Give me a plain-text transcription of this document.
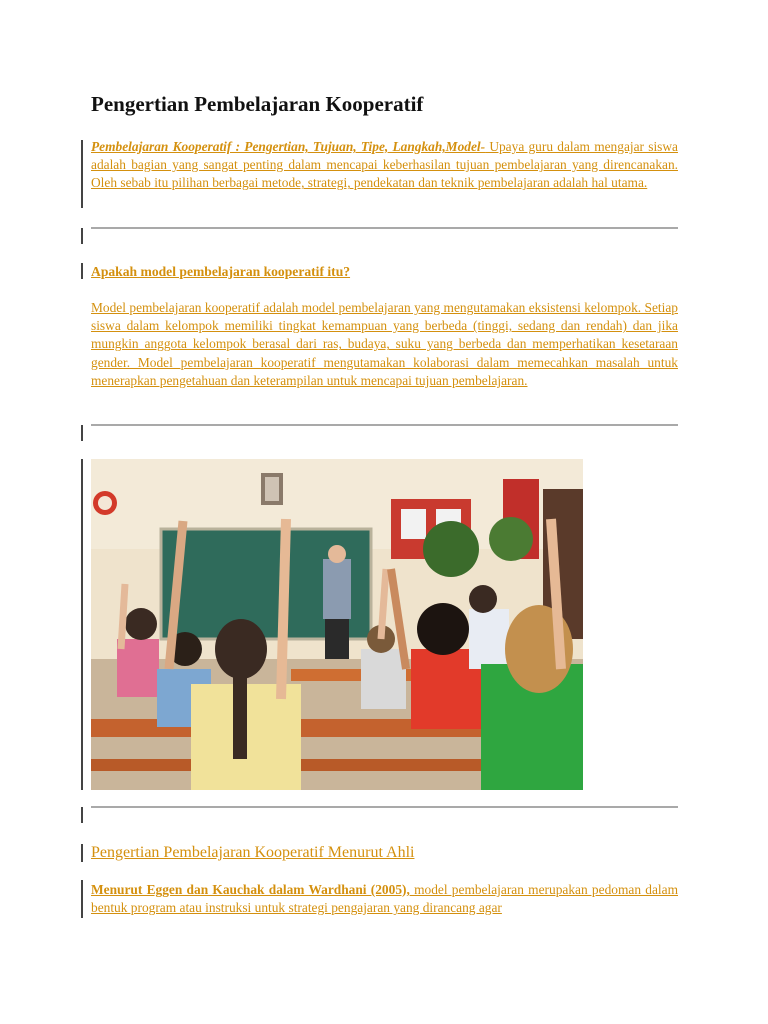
Pengertian Pembelajaran Kooperatif
Pembelajaran Kooperatif : Pengertian, Tujuan, Tipe, Langkah,Model- Upaya guru dalam mengajar siswa adalah bagian yang sangat penting dalam mencapai keberhasilan tujuan pembelajaran yang direncanakan. Oleh sebab itu pilihan berbagai metode, strategi, pendekatan dan teknik pembelajaran adalah hal utama.
Apakah model pembelajaran kooperatif itu?
Model pembelajaran kooperatif adalah model pembelajaran yang mengutamakan eksistensi kelompok. Setiap siswa dalam kelompok memiliki tingkat kemampuan yang berbeda (tinggi, sedang dan rendah) dan jika mungkin anggota kelompok berasal dari ras, budaya, suku yang berbeda dan memperhatikan kesetaraan gender. Model pembelajaran kooperatif mengutamakan kolaborasi dalam memecahkan masalah untuk menerapkan pengetahuan dan keterampilan untuk mencapai tujuan pembelajaran.
Pengertian Pembelajaran Kooperatif Menurut Ahli
Menurut Eggen dan Kauchak dalam Wardhani (2005), model pembelajaran merupakan pedoman dalam bentuk program atau instruksi untuk strategi pengajaran yang dirancang agar
